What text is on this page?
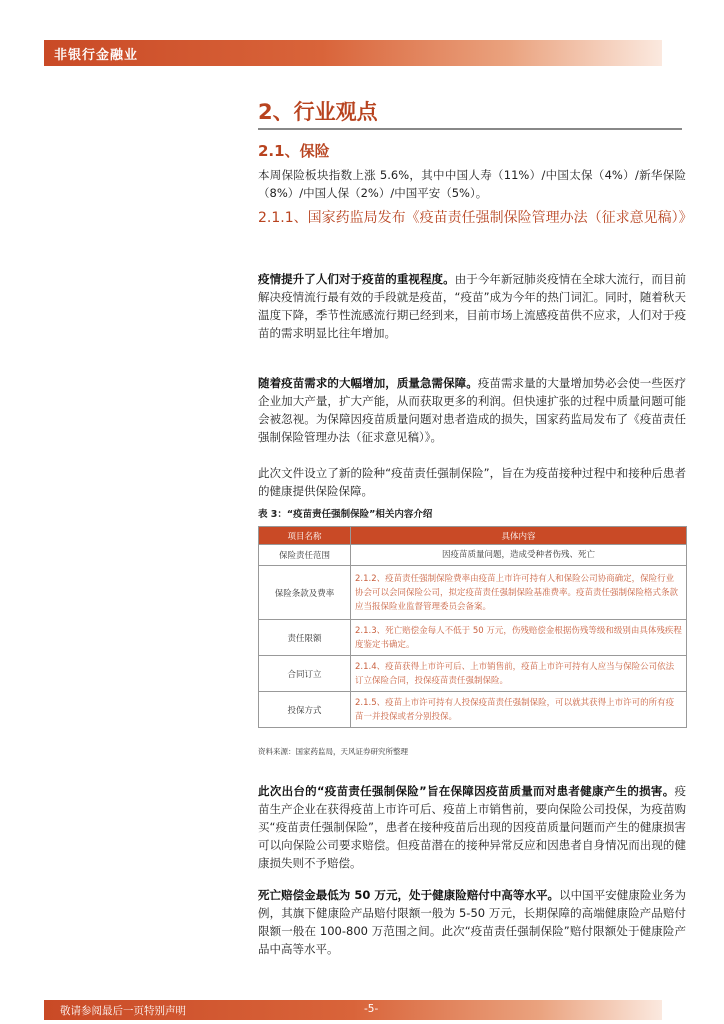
非银行金融业
2、行业观点
2.1、保险
本周保险板块指数上涨 5.6%，其中中国人寿（11%）/中国太保（4%）/新华保险（8%）/中国人保（2%）/中国平安（5%）。
2.1.1、国家药监局发布《疫苗责任强制保险管理办法（征求意见稿）》
疫情提升了人们对于疫苗的重视程度。由于今年新冠肺炎疫情在全球大流行，而目前解决疫情流行最有效的手段就是疫苗，“疫苗”成为今年的热门词汇。同时，随着秋天温度下降，季节性流感流行期已经到来，目前市场上流感疫苗供不应求，人们对于疫苗的需求明显比往年增加。
随着疫苗需求的大幅增加，质量急需保障。疫苗需求量的大量增加势必会使一些医疗企业加大产量，扩大产能，从而获取更多的利润。但快速扩张的过程中质量问题可能会被忽视。为保障因疫苗质量问题对患者造成的损失，国家药监局发布了《疫苗责任强制保险管理办法（征求意见稿）》。
此次文件设立了新的险种“疫苗责任强制保险”，旨在为疫苗接种过程中和接种后患者的健康提供保险保障。
表 3：“疫苗责任强制保险”相关内容介绍
项目名称	具体内容
保险责任范围	因疫苗质量问题，造成受种者伤残、死亡
保险条款及费率	2.1.2、疫苗责任强制保险费率由疫苗上市许可持有人和保险公司协商确定，保险行业协会可以会同保险公司，拟定疫苗责任强制保险基准费率。疫苗责任强制保险格式条款应当报保险业监督管理委员会备案。
责任限额	2.1.3、死亡赔偿金每人不低于 50 万元，伤残赔偿金根据伤残等级和级别由具体残疾程度鉴定书确定。
合同订立	2.1.4、疫苗获得上市许可后、上市销售前，疫苗上市许可持有人应当与保险公司依法订立保险合同，投保疫苗责任强制保险。
投保方式	2.1.5、疫苗上市许可持有人投保疫苗责任强制保险，可以就其获得上市许可的所有疫苗一并投保或者分别投保。
资料来源：国家药监局，天风证券研究所整理
此次出台的“疫苗责任强制保险”旨在保障因疫苗质量而对患者健康产生的损害。疫苗生产企业在获得疫苗上市许可后、疫苗上市销售前，要向保险公司投保，为疫苗购买“疫苗责任强制保险”，患者在接种疫苗后出现的因疫苗质量问题而产生的健康损害可以向保险公司要求赔偿。但疫苗潜在的接种异常反应和因患者自身情况而出现的健康损失则不予赔偿。
死亡赔偿金最低为 50 万元，处于健康险赔付中高等水平。以中国平安健康险业务为例，其旗下健康险产品赔付限额一般为 5-50 万元，长期保障的高端健康险产品赔付限额一般在 100-800 万范围之间。此次“疫苗责任强制保险”赔付限额处于健康险产品中高等水平。
敬请参阅最后一页特别声明	-5-
